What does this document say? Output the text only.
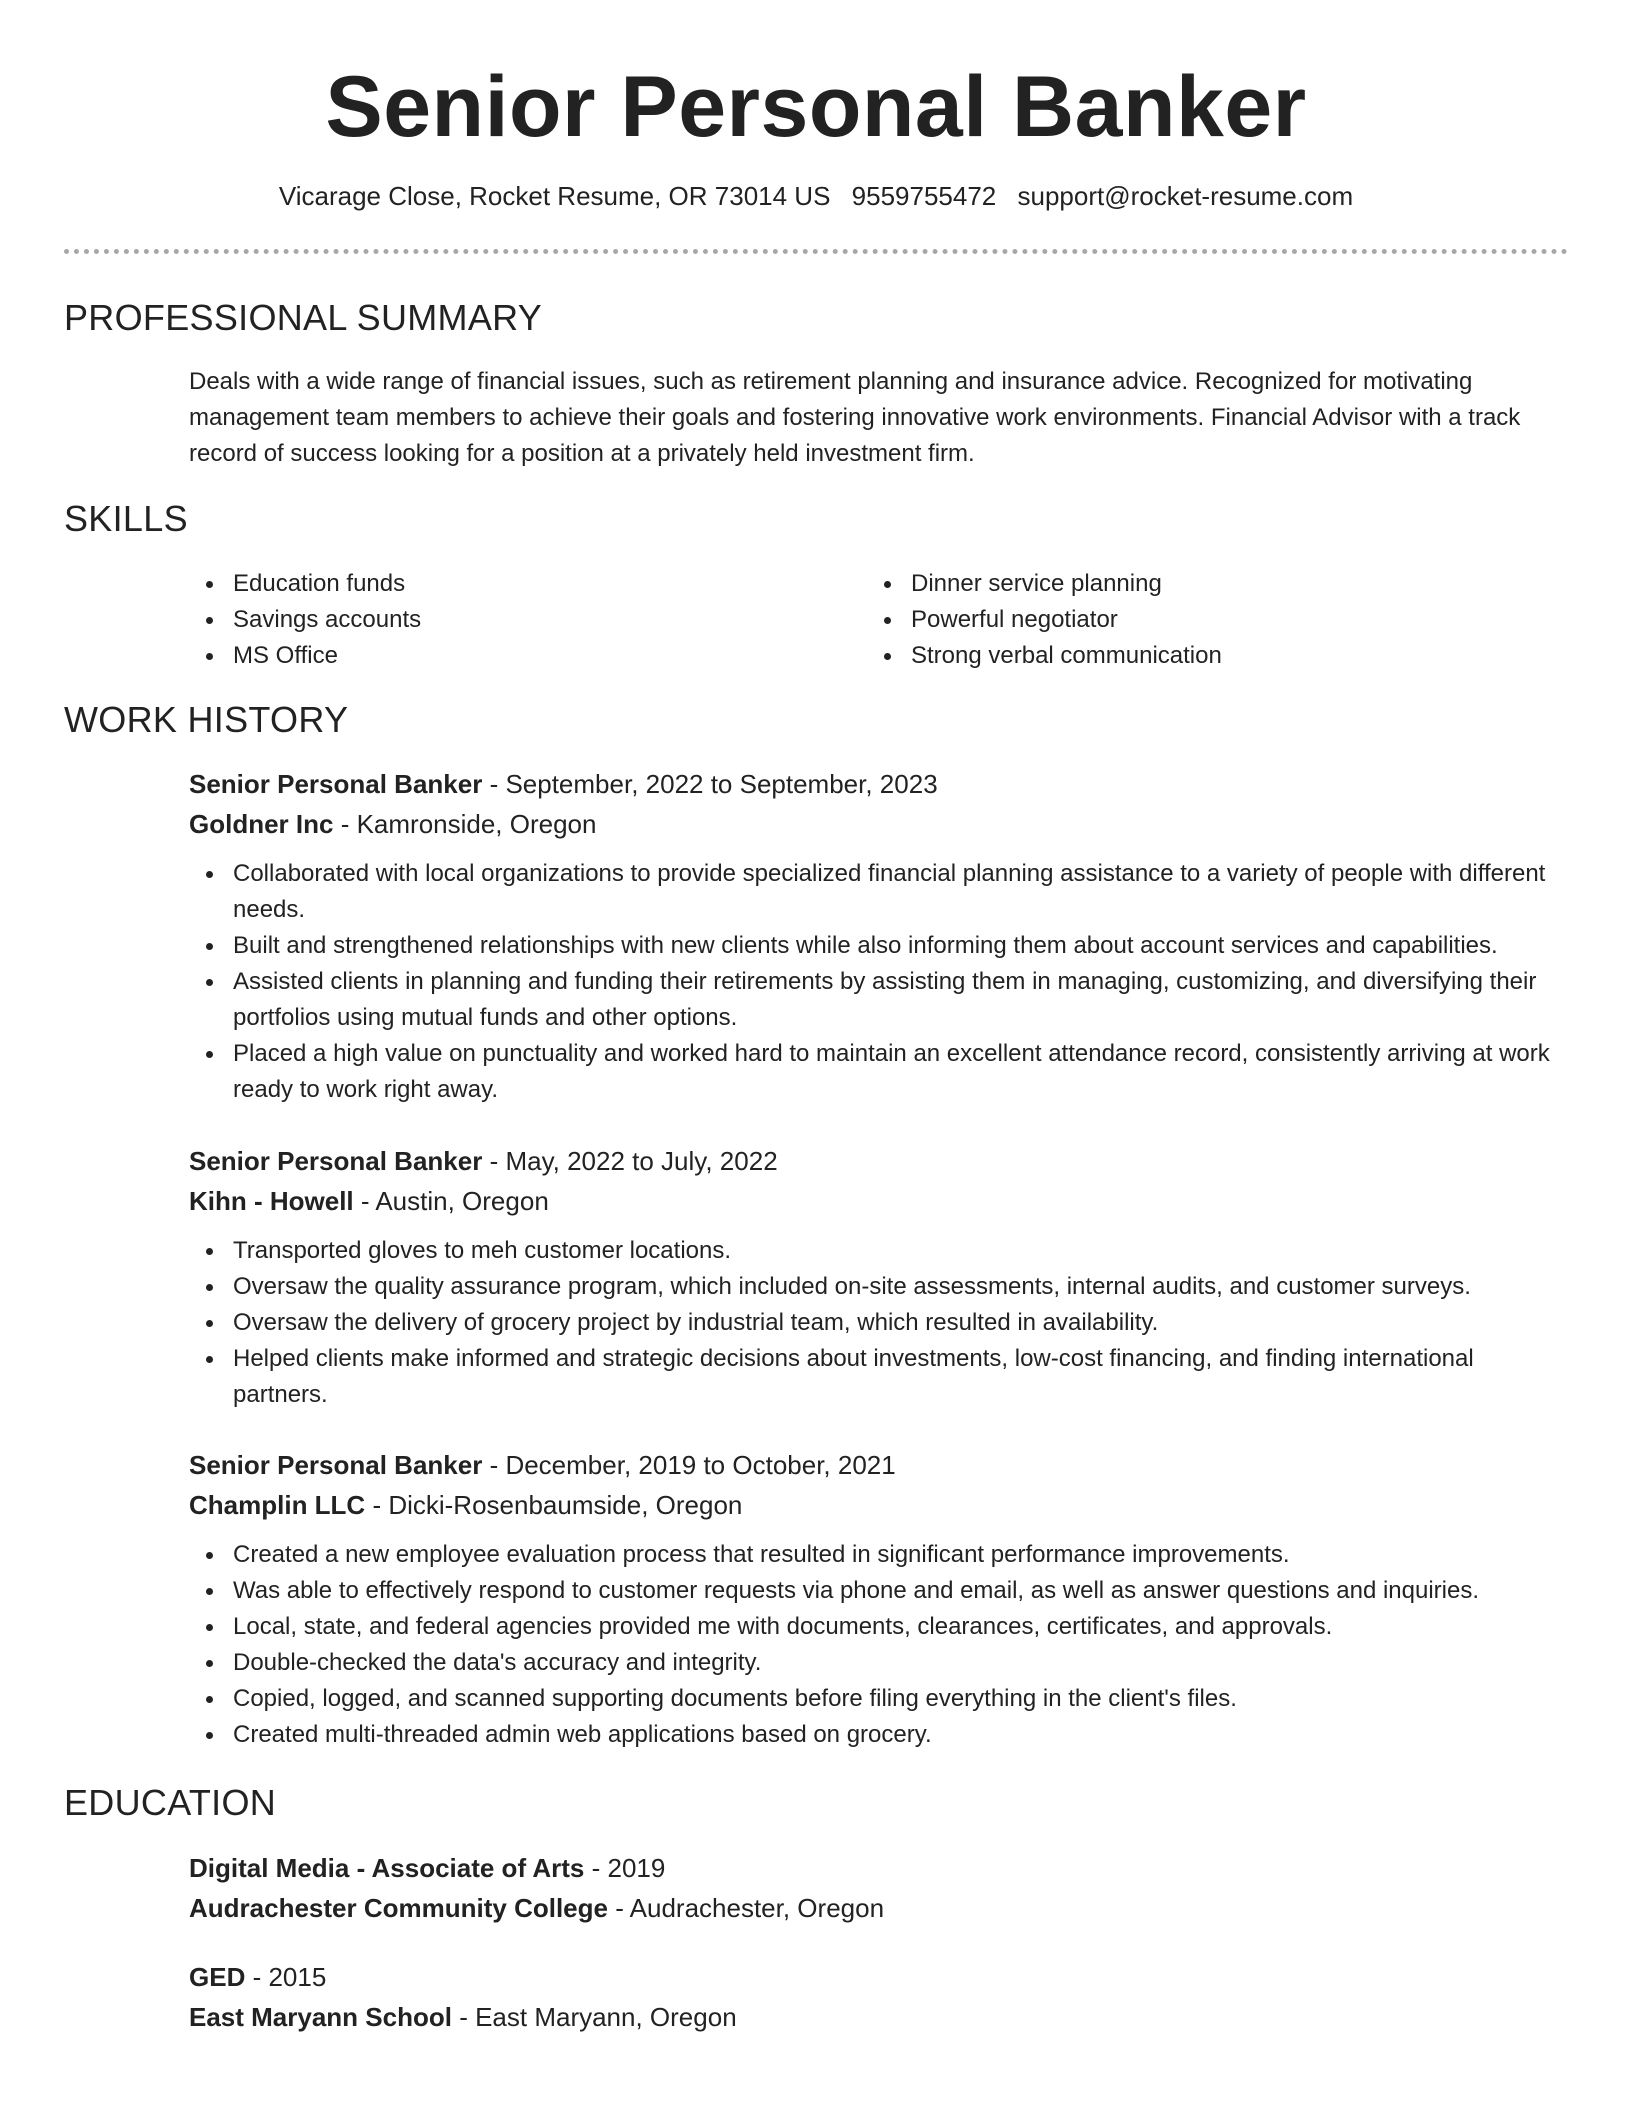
Senior Personal Banker
Vicarage Close, Rocket Resume, OR 73014 US 9559755472 support@rocket-resume.com
PROFESSIONAL SUMMARY
Deals with a wide range of financial issues, such as retirement planning and insurance advice. Recognized for motivating management team members to achieve their goals and fostering innovative work environments. Financial Advisor with a track record of success looking for a position at a privately held investment firm.
SKILLS
Education funds
Savings accounts
MS Office
Dinner service planning
Powerful negotiator
Strong verbal communication
WORK HISTORY
Senior Personal Banker - September, 2022 to September, 2023
Goldner Inc - Kamronside, Oregon
Collaborated with local organizations to provide specialized financial planning assistance to a variety of people with different needs.
Built and strengthened relationships with new clients while also informing them about account services and capabilities.
Assisted clients in planning and funding their retirements by assisting them in managing, customizing, and diversifying their portfolios using mutual funds and other options.
Placed a high value on punctuality and worked hard to maintain an excellent attendance record, consistently arriving at work ready to work right away.
Senior Personal Banker - May, 2022 to July, 2022
Kihn - Howell - Austin, Oregon
Transported gloves to meh customer locations.
Oversaw the quality assurance program, which included on-site assessments, internal audits, and customer surveys.
Oversaw the delivery of grocery project by industrial team, which resulted in availability.
Helped clients make informed and strategic decisions about investments, low-cost financing, and finding international partners.
Senior Personal Banker - December, 2019 to October, 2021
Champlin LLC - Dicki-Rosenbaumside, Oregon
Created a new employee evaluation process that resulted in significant performance improvements.
Was able to effectively respond to customer requests via phone and email, as well as answer questions and inquiries.
Local, state, and federal agencies provided me with documents, clearances, certificates, and approvals.
Double-checked the data's accuracy and integrity.
Copied, logged, and scanned supporting documents before filing everything in the client's files.
Created multi-threaded admin web applications based on grocery.
EDUCATION
Digital Media - Associate of Arts - 2019
Audrachester Community College - Audrachester, Oregon
GED - 2015
East Maryann School - East Maryann, Oregon
